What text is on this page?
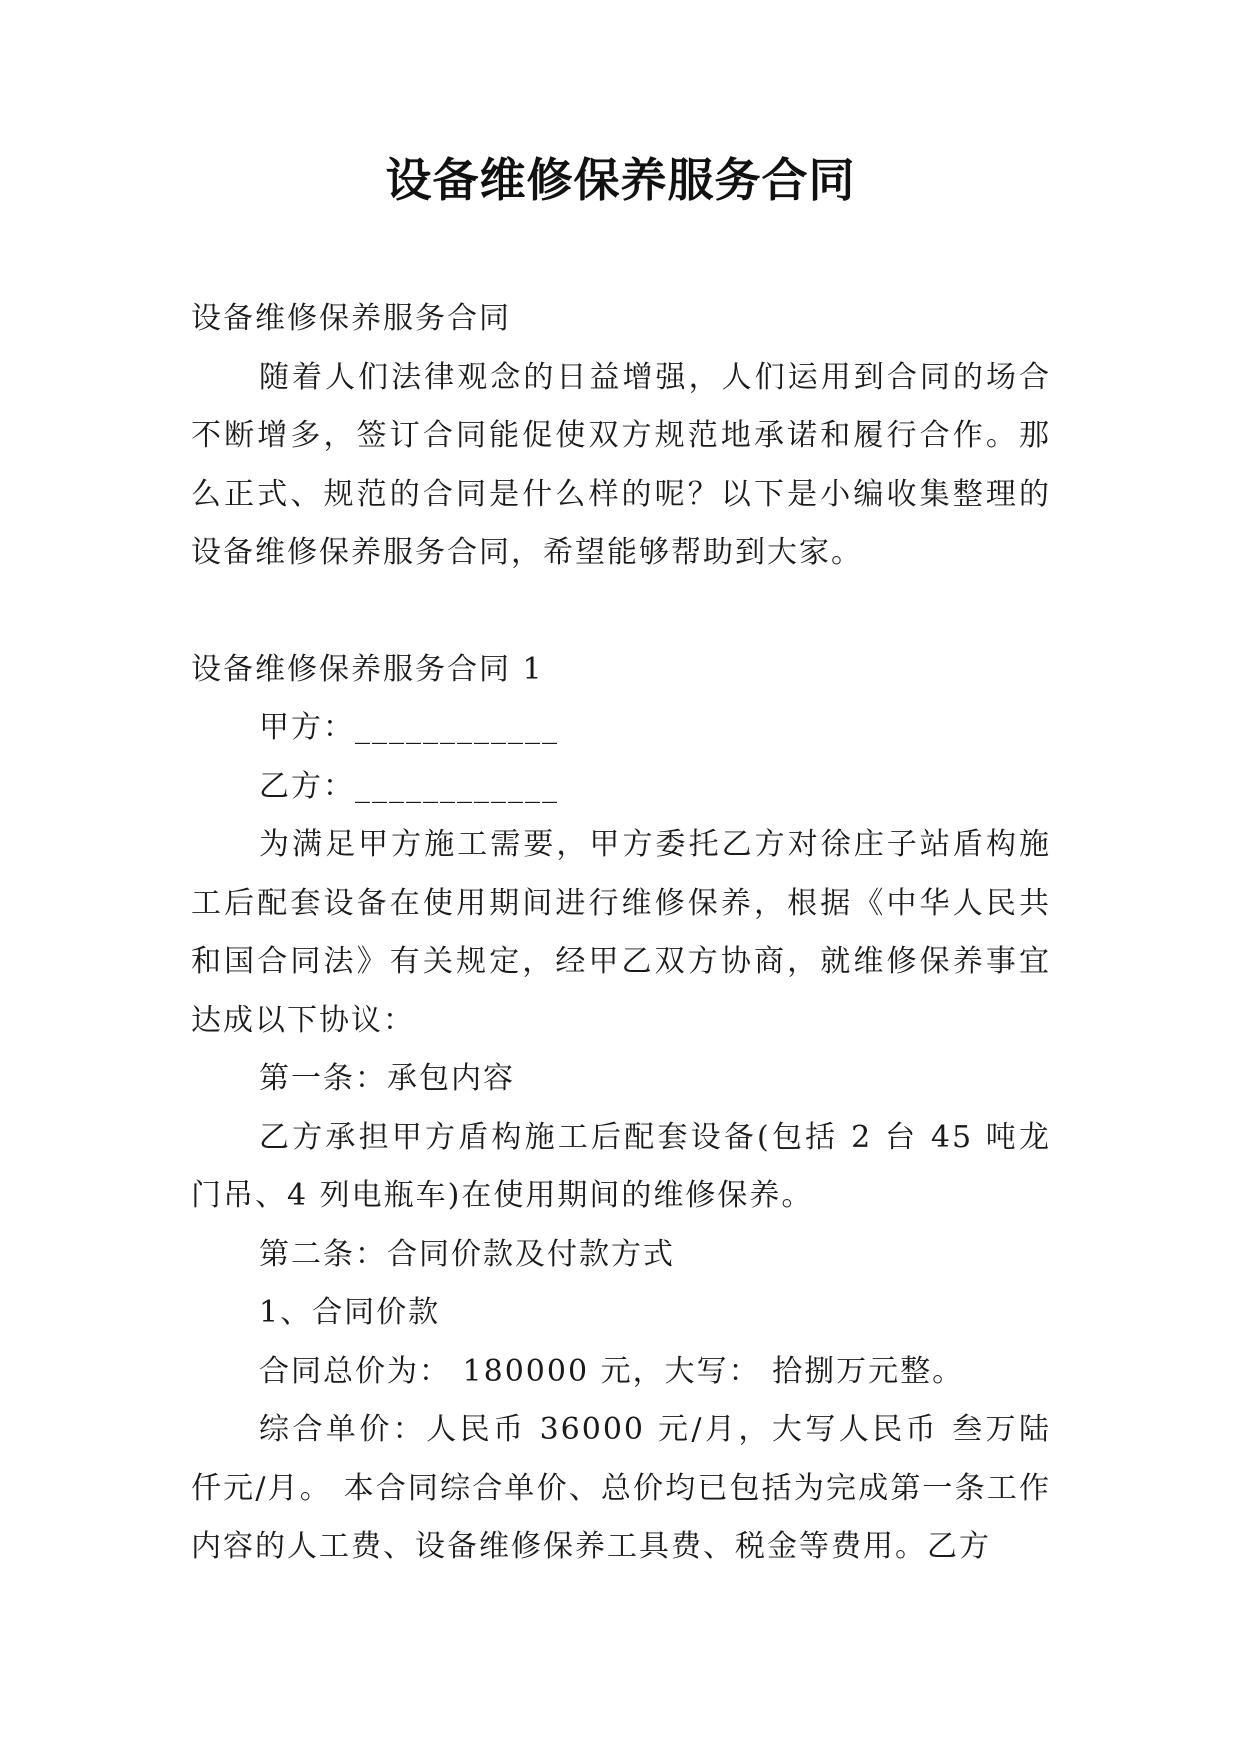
设备维修保养服务合同

设备维修保养服务合同

随着人们法律观念的日益增强，人们运用到合同的场合不断增多，签订合同能促使双方规范地承诺和履行合作。那么正式、规范的合同是什么样的呢？以下是小编收集整理的设备维修保养服务合同，希望能够帮助到大家。

设备维修保养服务合同 1

甲方：____________

乙方：____________

为满足甲方施工需要，甲方委托乙方对徐庄子站盾构施工后配套设备在使用期间进行维修保养，根据《中华人民共和国合同法》有关规定，经甲乙双方协商，就维修保养事宜达成以下协议：

第一条：承包内容

乙方承担甲方盾构施工后配套设备(包括 2 台 45 吨龙门吊、4 列电瓶车)在使用期间的维修保养。

第二条：合同价款及付款方式

1、合同价款

合同总价为： 180000 元，大写： 拾捌万元整。

综合单价：人民币 36000 元/月，大写人民币 叁万陆仟元/月。 本合同综合单价、总价均已包括为完成第一条工作内容的人工费、设备维修保养工具费、税金等费用。乙方
